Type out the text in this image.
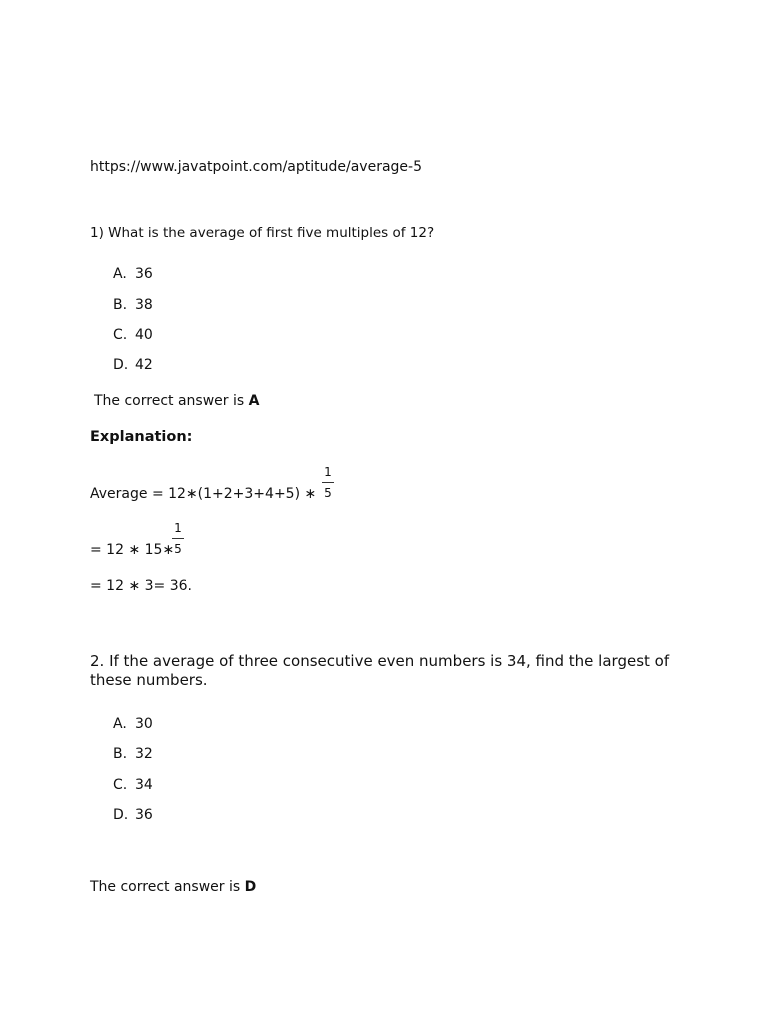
https://www.javatpoint.com/aptitude/average-5
1) What is the average of first five multiples of 12?
A. 36
B. 38
C. 40
D. 42
The correct answer is A
Explanation:
Average = 12∗(1+2+3+4+5) ∗
1
5
= 12 ∗ 15∗
1
5
= 12 ∗ 3= 36.
2. If the average of three consecutive even numbers is 34, find the largest of these numbers.
A. 30
B. 32
C. 34
D. 36
The correct answer is D
